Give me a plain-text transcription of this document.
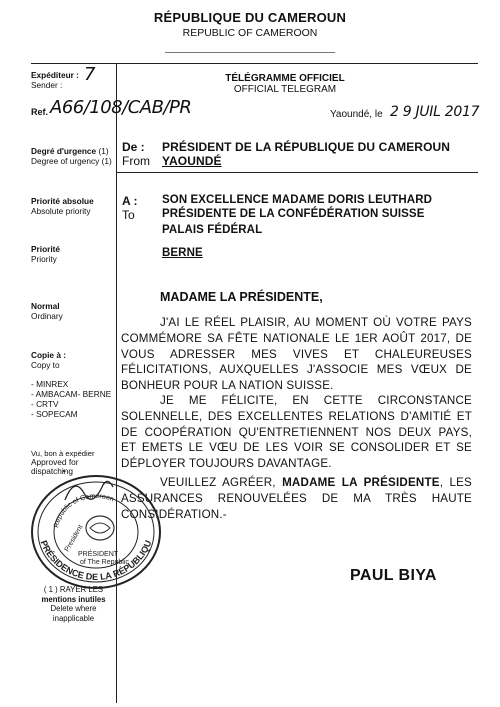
RÉPUBLIQUE DU CAMEROUN
REPUBLIC OF CAMEROON
Expéditeur :
Sender :	7
Ref. A66/108/CAB/PR
Degré d'urgence (1)
Degree of urgency (1)
Priorité absolue
Absolute priority
Priorité
Priority
Normal
Ordinary
Copie à :
Copy to
- MINREX
- AMBACAM- BERNE
- CRTV
- SOPECAM
Vu, bon à expédier
Approved for
dispatching
( 1 ) RAYER LES
mentions inutiles
Delete where
inapplicable
TÉLÉGRAMME OFFICIEL
OFFICIAL TELEGRAM
Yaoundé, le 2 9 JUIL 2017
De :
From
PRÉSIDENT DE LA RÉPUBLIQUE DU CAMEROUN
YAOUNDÉ
A :
To
SON EXCELLENCE MADAME DORIS LEUTHARD
PRÉSIDENTE DE LA CONFÉDÉRATION SUISSE
PALAIS FÉDÉRAL
BERNE
MADAME LA PRÉSIDENTE,
J'AI LE RÉEL PLAISIR, AU MOMENT OÙ VOTRE PAYS COMMÉMORE SA FÊTE NATIONALE LE 1ER AOÛT 2017, DE VOUS ADRESSER MES VIVES ET CHALEUREUSES FÉLICITATIONS, AUXQUELLES J'ASSOCIE MES VŒUX DE BONHEUR POUR LA NATION SUISSE.
JE ME FÉLICITE, EN CETTE CIRCONSTANCE SOLENNELLE, DES EXCELLENTES RELATIONS D'AMITIÉ ET DE COOPÉRATION QU'ENTRETIENNENT NOS DEUX PAYS, ET EMETS LE VŒU DE LES VOIR SE CONSOLIDER ET SE DÉPLOYER TOUJOURS DAVANTAGE.
VEUILLEZ AGRÉER, MADAME LA PRÉSIDENTE, LES ASSURANCES RENOUVELÉES DE MA TRÈS HAUTE CONSIDÉRATION.-
PAUL BIYA
PRÉSIDENCE DE LA RÉPUBLIQU
Republic of Cameroon
President
PRÉSIDENT
of The Republic
